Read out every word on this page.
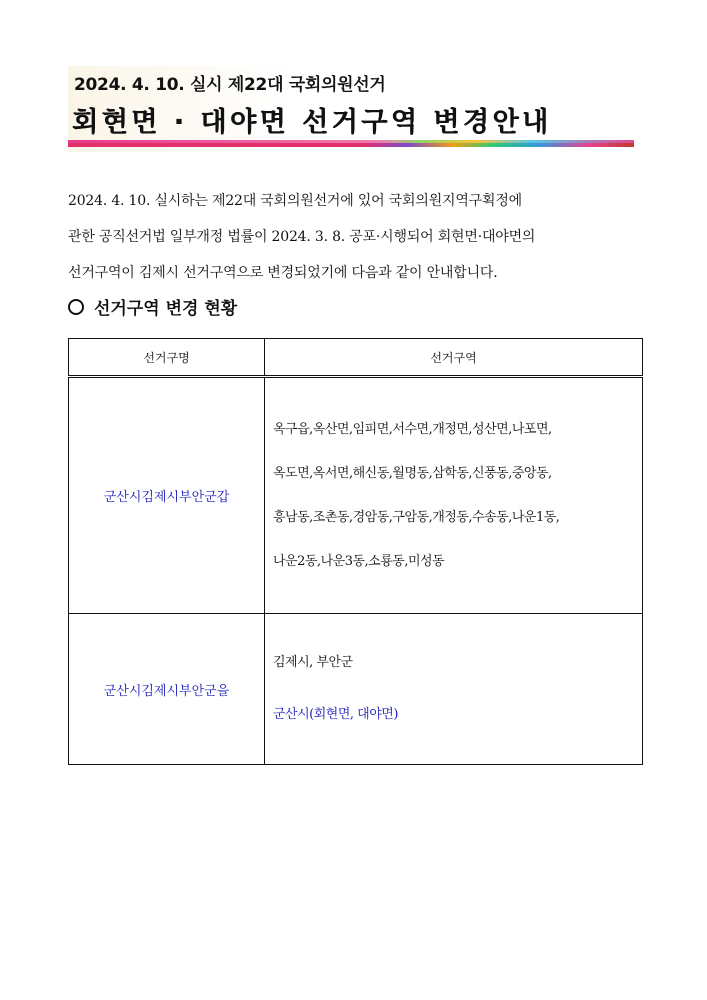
2024. 4. 10. 실시 제22대 국회의원선거
회현면 · 대야면 선거구역 변경안내

2024. 4. 10. 실시하는 제22대 국회의원선거에 있어 국회의원지역구획정에

관한 공직선거법 일부개정 법률이 2024. 3. 8. 공포·시행되어 회현면·대야면의

선거구역이 김제시 선거구역으로 변경되었기에 다음과 같이 안내합니다.

선거구역 변경 현황
선거구명	선거구역
군산시김제시부안군갑	옥구읍,옥산면,임피면,서수면,개정면,성산면,나포면,
옥도면,옥서면,해신동,월명동,삼학동,신풍동,중앙동,
흥남동,조촌동,경암동,구암동,개정동,수송동,나운1동,
나운2동,나운3동,소룡동,미성동

군산시김제시부안군을	김제시, 부안군
군산시(회현면, 대야면)
